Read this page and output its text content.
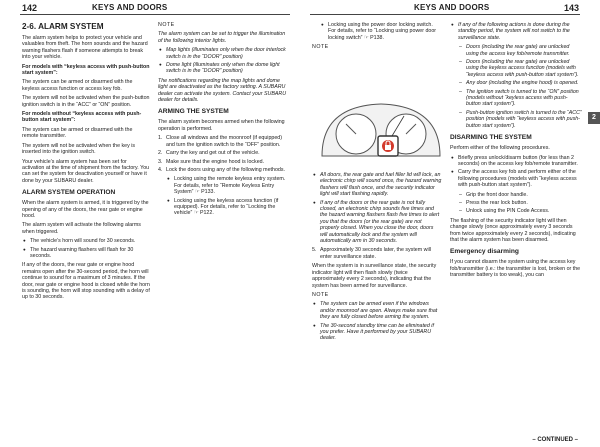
142	KEYS AND DOORS	KEYS AND DOORS	143
2
2-6. ALARM SYSTEM

The alarm system helps to protect your vehicle and valuables from theft. The horn sounds and the hazard warning flashers flash if someone attempts to break into your vehicle.

For models with “keyless access with push-button start system”:

The system can be armed or disarmed with the keyless access function or access key fob.

The system will not be activated when the push-button ignition switch is in the “ACC” or “ON” position.

For models without “keyless access with push-button start system”:

The system can be armed or disarmed with the remote transmitter.

The system will not be activated when the key is inserted into the ignition switch.

Your vehicle’s alarm system has been set for activation at the time of shipment from the factory. You can set the system for deactivation yourself or have it done by your SUBARU dealer.

ALARM SYSTEM OPERATION

When the alarm system is armed, it is triggered by the opening of any of the doors, the rear gate or engine hood.

The alarm system will activate the following alarms when triggered.

● The vehicle’s horn will sound for 30 seconds.
● The hazard warning flashers will flash for 30 seconds.

If any of the doors, the rear gate or engine hood remains open after the 30-second period, the horn will continue to sound for a maximum of 3 minutes. If the door, rear gate or engine hood is closed while the horn is sounding, the horn will stop sounding with a delay of up to 30 seconds.

NOTE

The alarm system can be set to trigger the illumination of the following interior lights.

● Map lights (illuminates only when the door interlock switch is in the “DOOR” position)
● Dome light (illuminates only when the dome light switch is in the “DOOR” position)

The notifications regarding the map lights and dome light are deactivated as the factory setting. A SUBARU dealer can activate the system. Contact your SUBARU dealer for details.

ARMING THE SYSTEM

The alarm system becomes armed when the following operation is performed.

1. Close all windows and the moonroof (if equipped) and turn the ignition switch to the “OFF” position.
2. Carry the key and get out of the vehicle.
3. Make sure that the engine hood is locked.
4. Lock the doors using any of the following methods.
● Locking using the remote keyless entry system. For details, refer to “Remote Keyless Entry System” ☞ P133.
● Locking using the keyless access function (if equipped). For details, refer to “Locking the vehicle” ☞ P122.
● Locking using the power door locking switch. For details, refer to “Locking using power door locking switch” ☞ P138.

NOTE

● All doors, the rear gate and fuel filler lid will lock, an electronic chirp will sound once, the hazard warning flashers will flash once, and the security indicator light will start flashing rapidly.
● If any of the doors or the rear gate is not fully closed, an electronic chirp sounds five times and the hazard warning flashers flash five times to alert you that the doors (or the rear gate) are not properly closed. When you close the door, doors will automatically lock and the system will automatically arm in 30 seconds.
5. Approximately 30 seconds later, the system will enter surveillance state.

When the system is in surveillance state, the security indicator light will then flash slowly (twice approximately every 2 seconds), indicating that the system has been armed for surveillance.

NOTE

● The system can be armed even if the windows and/or moonroof are open. Always make sure that they are fully closed before arming the system.
● The 30-second standby time can be eliminated if you prefer. Have it performed by your SUBARU dealer.
● If any of the following actions is done during the standby period, the system will not switch to the surveillance state.
– Doors (including the rear gate) are unlocked using the access key fob/remote transmitter.
– Doors (including the rear gate) are unlocked using the keyless access function (models with “keyless access with push-button start system”).
– Any door (including the engine hood) is opened.
– The ignition switch is turned to the “ON” position (models without “keyless access with push-button start system”).
– Push-button ignition switch is turned to the “ACC” position (models with “keyless access with push-button start system”).
DISARMING THE SYSTEM

Perform either of the following procedures.

● Briefly press unlock/disarm button (for less than 2 seconds) on the access key fob/remote transmitter.
● Carry the access key fob and perform either of the following procedures (models with “keyless access with push-button start system”).
– Grip the front door handle.
– Press the rear lock button.
– Unlock using the PIN Code Access.

The flashing of the security indicator light will then change slowly (once approximately every 3 seconds from twice approximately every 2 seconds), indicating that the alarm system has been disarmed.

Emergency disarming

If you cannot disarm the system using the access key fob/transmitter (i.e.: the transmitter is lost, broken or the transmitter battery is too weak), you can

– CONTINUED –
